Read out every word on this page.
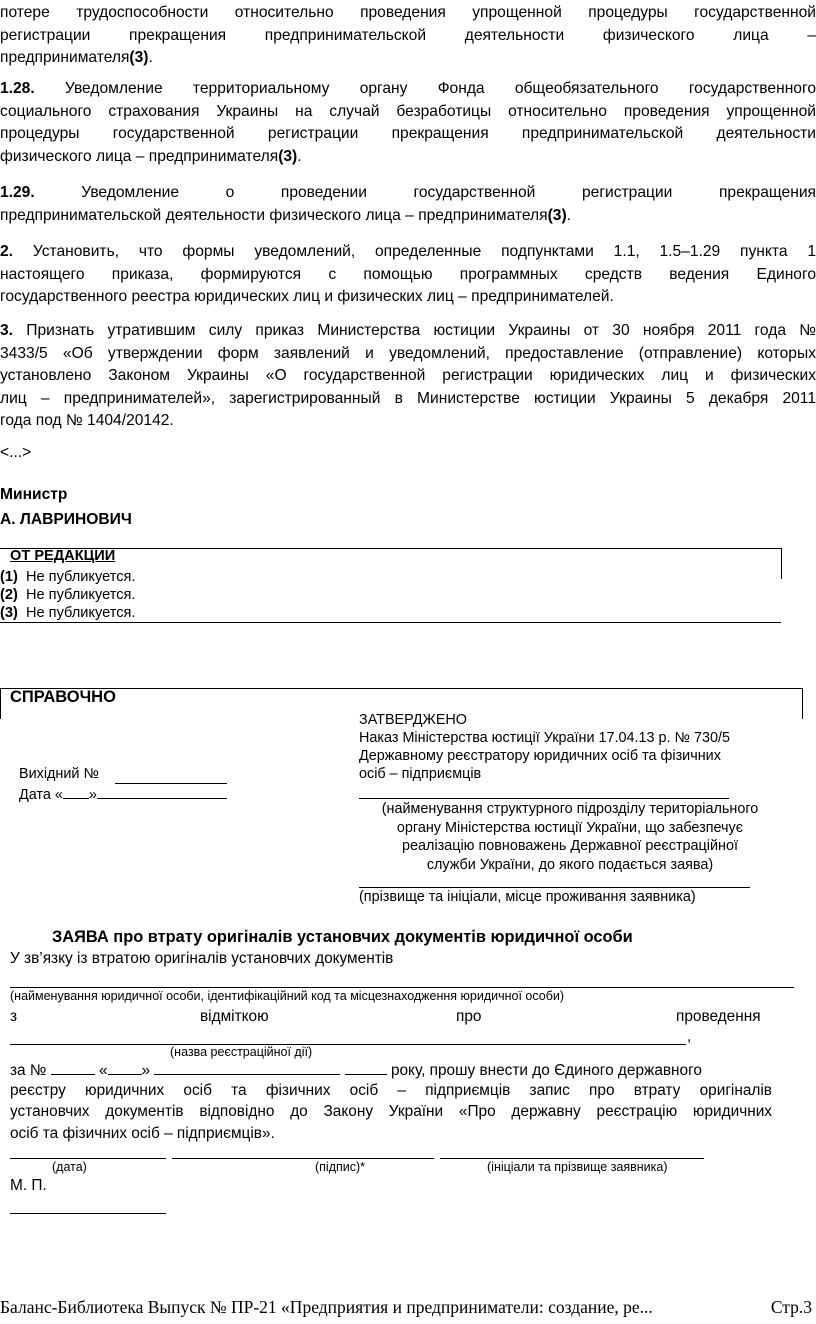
потере трудоспособности относительно проведения упрощенной процедуры государственной
регистрации прекращения предпринимательской деятельности физического лица –
предпринимателя(3).
1.28. Уведомление территориальному органу Фонда общеобязательного государственного
социального страхования Украины на случай безработицы относительно проведения упрощенной
процедуры государственной регистрации прекращения предпринимательской деятельности
физического лица – предпринимателя(3).
1.29.	Уведомление о проведении государственной регистрации прекращения
предпринимательской деятельности физического лица – предпринимателя(3).
2. Установить, что формы уведомлений, определенные подпунктами 1.1, 1.5–1.29 пункта 1
настоящего приказа, формируются с помощью программных средств ведения Единого
государственного реестра юридических лиц и физических лиц – предпринимателей.
3. Признать утратившим силу приказ Министерства юстиции Украины от 30 ноября 2011 года №
3433/5 «Об утверждении форм заявлений и уведомлений, предоставление (отправление) которых
установлено Законом Украины «О государственной регистрации юридических лиц и физических
лиц – предпринимателей», зарегистрированный в Министерстве юстиции Украины 5 декабря 2011
года под № 1404/20142.
<...>
Министр
А. ЛАВРИНОВИЧ
ОТ РЕДАКЦИИ
(1) Не публикуется.
(2) Не публикуется.
(3) Не публикуется.
СПРАВОЧНО
ЗАТВЕРДЖЕНО
Наказ Міністерства юстиції України 17.04.13 р. № 730/5
Державному реєстратору юридичних осіб та фізичних
осіб – підприємців
Вихідний №
Дата « »
(найменування структурного підрозділу територіального
органу Міністерства юстиції України, що забезпечує
реалізацію повноважень Державної реєстраційної
служби України, до якого подається заява)
(прізвище та ініціали, місце проживання заявника)
ЗАЯВА про втрату оригіналів установчих документів юридичної особи
У зв’язку із втратою оригіналів установчих документів
(найменування юридичної особи, ідентифікаційний код та місцезнаходження юридичної особи)
з	відміткою	про	проведення
,
(назва реєстраційної дії)
за №	« »	року, прошу внести до Єдиного державного
реєстру юридичних осіб та фізичних осіб – підприємців запис про втрату оригіналів
установчих документів відповідно до Закону України «Про державну реєстрацію юридичних
осіб та фізичних осіб – підприємців».
(дата)	(підпис)*	(ініціали та прізвище заявника)
М. П.
Баланс-Библиотека Выпуск № ПР-21 «Предприятия и предприниматели: создание, ре...	Стр.3
